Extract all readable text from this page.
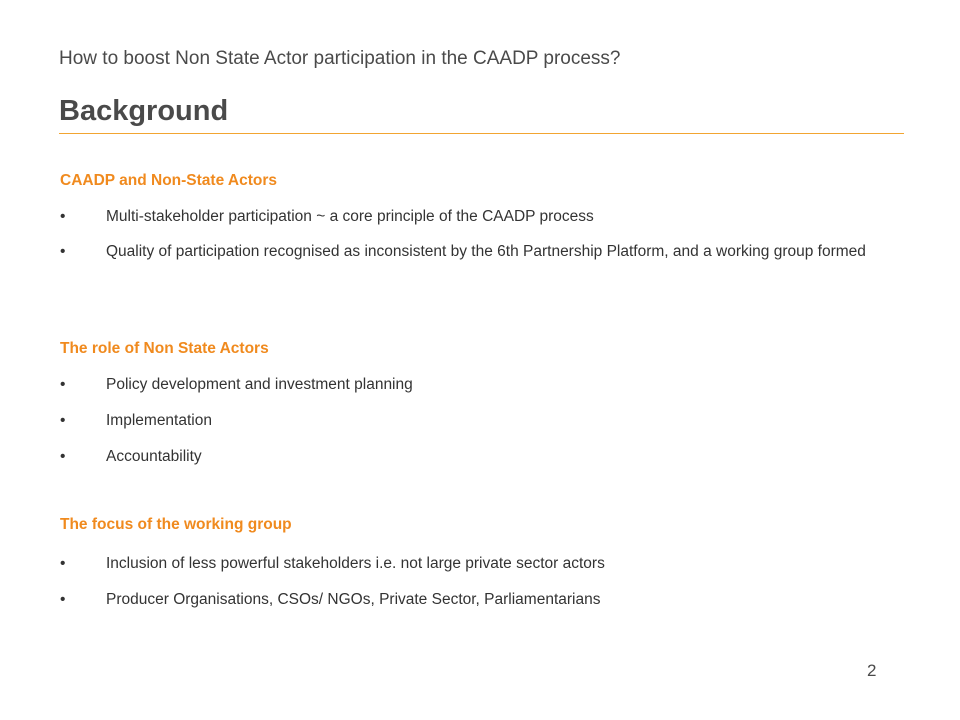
How to boost Non State Actor participation in the CAADP process?
Background
CAADP and Non-State Actors
•	Multi-stakeholder participation ~ a core principle of the CAADP process
•	Quality of participation recognised as inconsistent by the 6th Partnership Platform, and a working group formed
The role of Non State Actors
•	Policy development and investment planning
•	Implementation
•	Accountability
The focus of the working group
•	Inclusion of less powerful stakeholders i.e. not large private sector actors
•	Producer Organisations, CSOs/ NGOs, Private Sector, Parliamentarians
2
